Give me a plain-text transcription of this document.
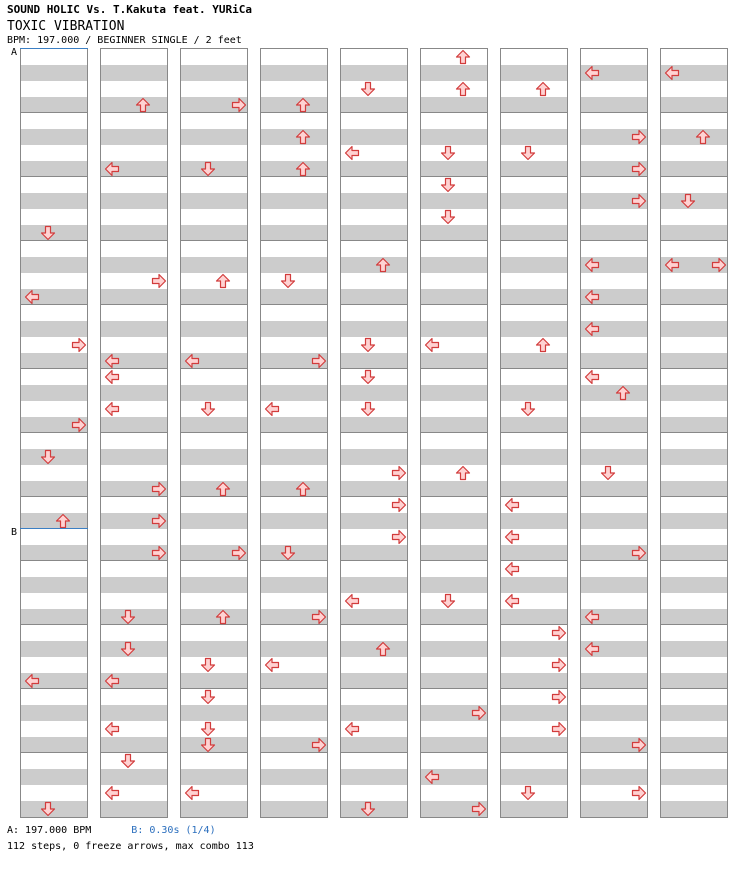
SOUND HOLIC Vs. T.Kakuta feat. YURiCa
TOXIC VIBRATION
BPM: 197.000 / BEGINNER SINGLE / 2 feet
A
B
A: 197.000 BPM	B: 0.30s (1/4)
112 steps, 0 freeze arrows, max combo 113
